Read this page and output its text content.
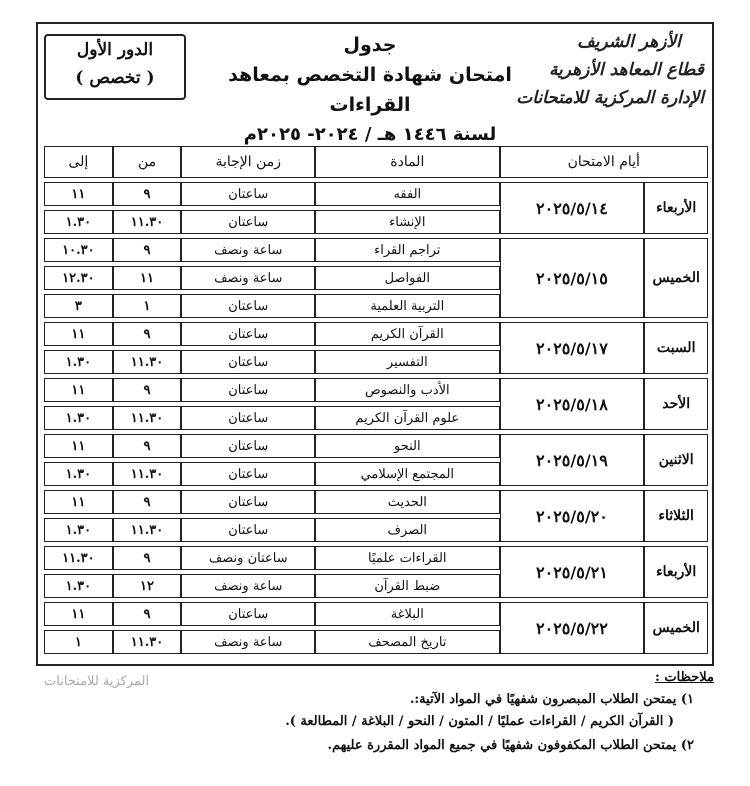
الأزهر الشريف
قطاع المعاهد الأزهرية
الإدارة المركزية للامتحانات
جدول
امتحان شهادة التخصص بمعاهد القراءات
لسنة ١٤٤٦ هـ / ٢٠٢٤- ٢٠٢٥م
الدور الأول
( تخصص )
أيام الامتحان		المادة	زمن الإجابة	من	إلى
الأربعاء	٢٠٢٥/٥/١٤	الفقه	ساعتان	٩	١١
		الإنشاء	ساعتان	١١.٣٠	١.٣٠
الخميس	٢٠٢٥/٥/١٥	تراجم القراء	ساعة ونصف	٩	١٠.٣٠
		الفواصل	ساعة ونصف	١١	١٢.٣٠
		التربية العلمية	ساعتان	١	٣
السبت	٢٠٢٥/٥/١٧	القرآن الكريم	ساعتان	٩	١١
		التفسير	ساعتان	١١.٣٠	١.٣٠
الأحد	٢٠٢٥/٥/١٨	الأدب والنصوص	ساعتان	٩	١١
		علوم القرآن الكريم	ساعتان	١١.٣٠	١.٣٠
الاثنين	٢٠٢٥/٥/١٩	النحو	ساعتان	٩	١١
		المجتمع الإسلامي	ساعتان	١١.٣٠	١.٣٠
الثلاثاء	٢٠٢٥/٥/٢٠	الحديث	ساعتان	٩	١١
		الصرف	ساعتان	١١.٣٠	١.٣٠
الأربعاء	٢٠٢٥/٥/٢١	القراءات علميًا	ساعتان ونصف	٩	١١.٣٠
		ضبط القرآن	ساعة ونصف	١٢	١.٣٠
الخميس	٢٠٢٥/٥/٢٢	البلاغة	ساعتان	٩	١١
		تاريخ المصحف	ساعة ونصف	١١.٣٠	١
المركزية للامتحانات	ملاحظات :
١) يمتحن الطلاب المبصرون شفهيًا في المواد الآتية:.
( القرآن الكريم / القراءات عمليًا / المتون / النحو / البلاغة / المطالعة ).
٢) يمتحن الطلاب المكفوفون شفهيًا في جميع المواد المقررة عليهم.
